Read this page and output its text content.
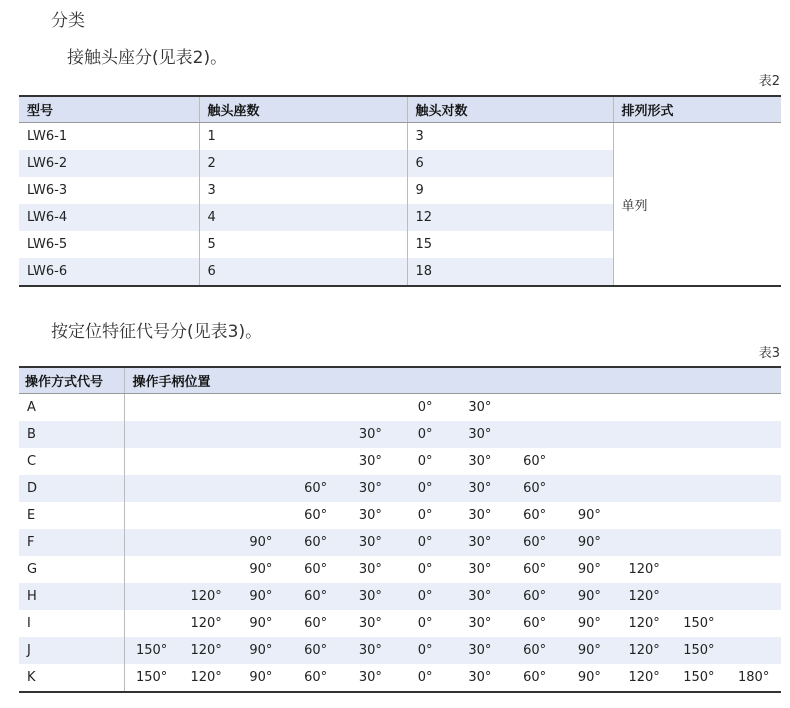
分类
接触头座分(见表2)。
表2
型号	触头座数	触头对数	排列形式
LW6-1	1	3	单列
LW6-2	2	6	
LW6-3	3	9	
LW6-4	4	12	
LW6-5	5	15	
LW6-6	6	18	
按定位特征代号分(见表3)。
表3
操作方式代号	操作手柄位置											
A						0°	30°					
B					30°	0°	30°					
C					30°	0°	30°	60°				
D				60°	30°	0°	30°	60°				
E				60°	30°	0°	30°	60°	90°			
F			90°	60°	30°	0°	30°	60°	90°			
G			90°	60°	30°	0°	30°	60°	90°	120°		
H		120°	90°	60°	30°	0°	30°	60°	90°	120°		
I		120°	90°	60°	30°	0°	30°	60°	90°	120°	150°	
J	150°	120°	90°	60°	30°	0°	30°	60°	90°	120°	150°	
K	150°	120°	90°	60°	30°	0°	30°	60°	90°	120°	150°	180°
